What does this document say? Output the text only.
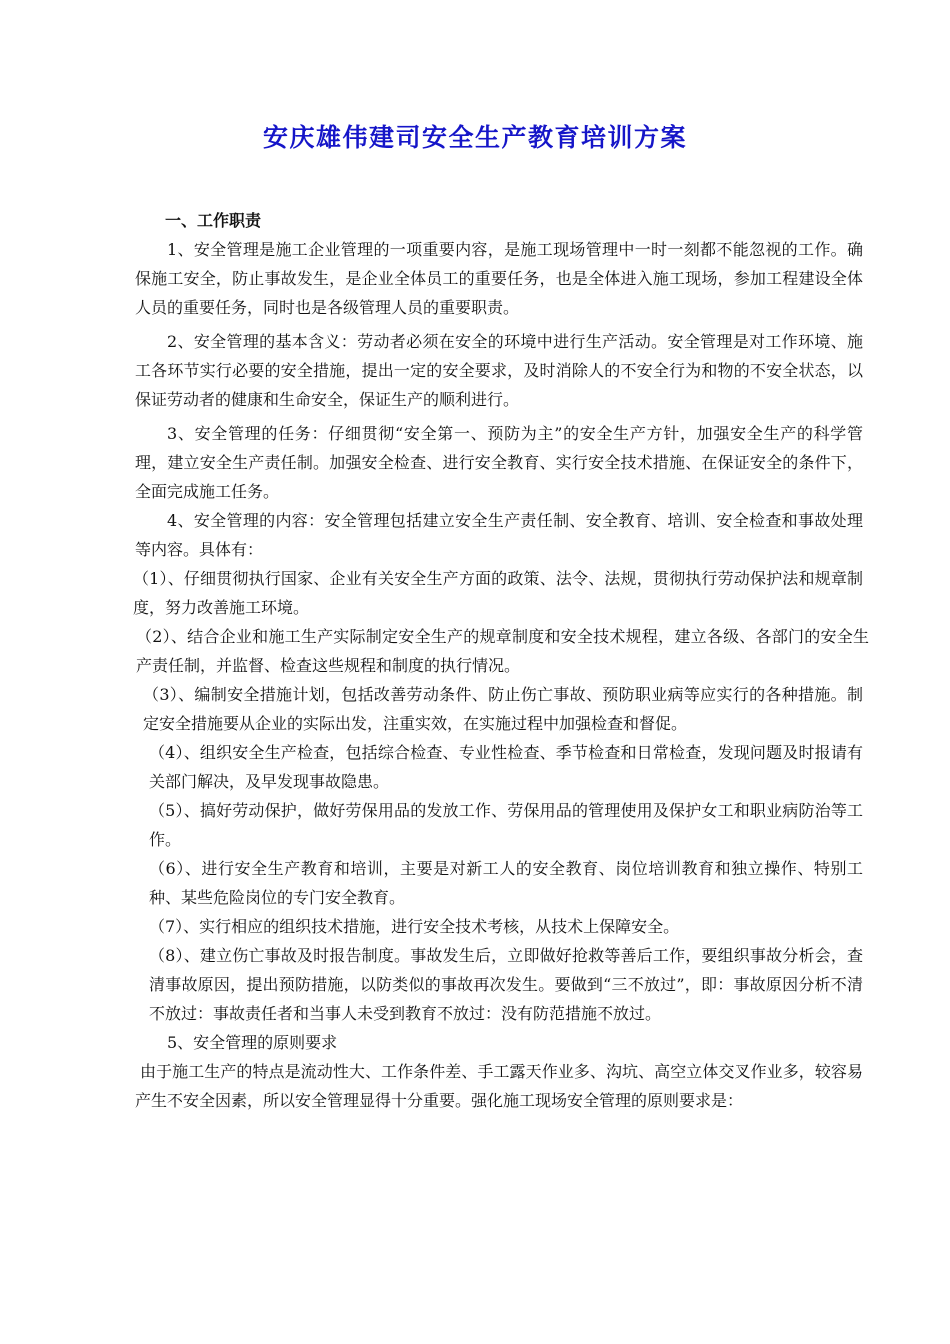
安庆雄伟建司安全生产教育培训方案

一、工作职责

1、安全管理是施工企业管理的一项重要内容，是施工现场管理中一时一刻都不能忽视的工作。确保施工安全，防止事故发生，是企业全体员工的重要任务，也是全体进入施工现场，参加工程建设全体人员的重要任务，同时也是各级管理人员的重要职责。

2、安全管理的基本含义：劳动者必须在安全的环境中进行生产活动。安全管理是对工作环境、施工各环节实行必要的安全措施，提出一定的安全要求，及时消除人的不安全行为和物的不安全状态，以保证劳动者的健康和生命安全，保证生产的顺利进行。

3、安全管理的任务：仔细贯彻“安全第一、预防为主”的安全生产方针，加强安全生产的科学管理，建立安全生产责任制。加强安全检查、进行安全教育、实行安全技术措施、在保证安全的条件下，全面完成施工任务。

4、安全管理的内容：安全管理包括建立安全生产责任制、安全教育、培训、安全检查和事故处理等内容。具体有：

（1）、仔细贯彻执行国家、企业有关安全生产方面的政策、法令、法规，贯彻执行劳动保护法和规章制度，努力改善施工环境。

（2）、结合企业和施工生产实际制定安全生产的规章制度和安全技术规程，建立各级、各部门的安全生产责任制，并监督、检查这些规程和制度的执行情况。

（3）、编制安全措施计划，包括改善劳动条件、防止伤亡事故、预防职业病等应实行的各种措施。制定安全措施要从企业的实际出发，注重实效，在实施过程中加强检查和督促。

（4）、组织安全生产检查，包括综合检查、专业性检查、季节检查和日常检查，发现问题及时报请有关部门解决，及早发现事故隐患。

（5）、搞好劳动保护，做好劳保用品的发放工作、劳保用品的管理使用及保护女工和职业病防治等工作。

（6）、进行安全生产教育和培训，主要是对新工人的安全教育、岗位培训教育和独立操作、特别工种、某些危险岗位的专门安全教育。

（7）、实行相应的组织技术措施，进行安全技术考核，从技术上保障安全。

（8）、建立伤亡事故及时报告制度。事故发生后，立即做好抢救等善后工作，要组织事故分析会，查清事故原因，提出预防措施，以防类似的事故再次发生。要做到“三不放过”，即：事故原因分析不清不放过：事故责任者和当事人未受到教育不放过：没有防范措施不放过。

5、安全管理的原则要求

由于施工生产的特点是流动性大、工作条件差、手工露天作业多、沟坑、高空立体交叉作业多，较容易产生不安全因素，所以安全管理显得十分重要。强化施工现场安全管理的原则要求是：
